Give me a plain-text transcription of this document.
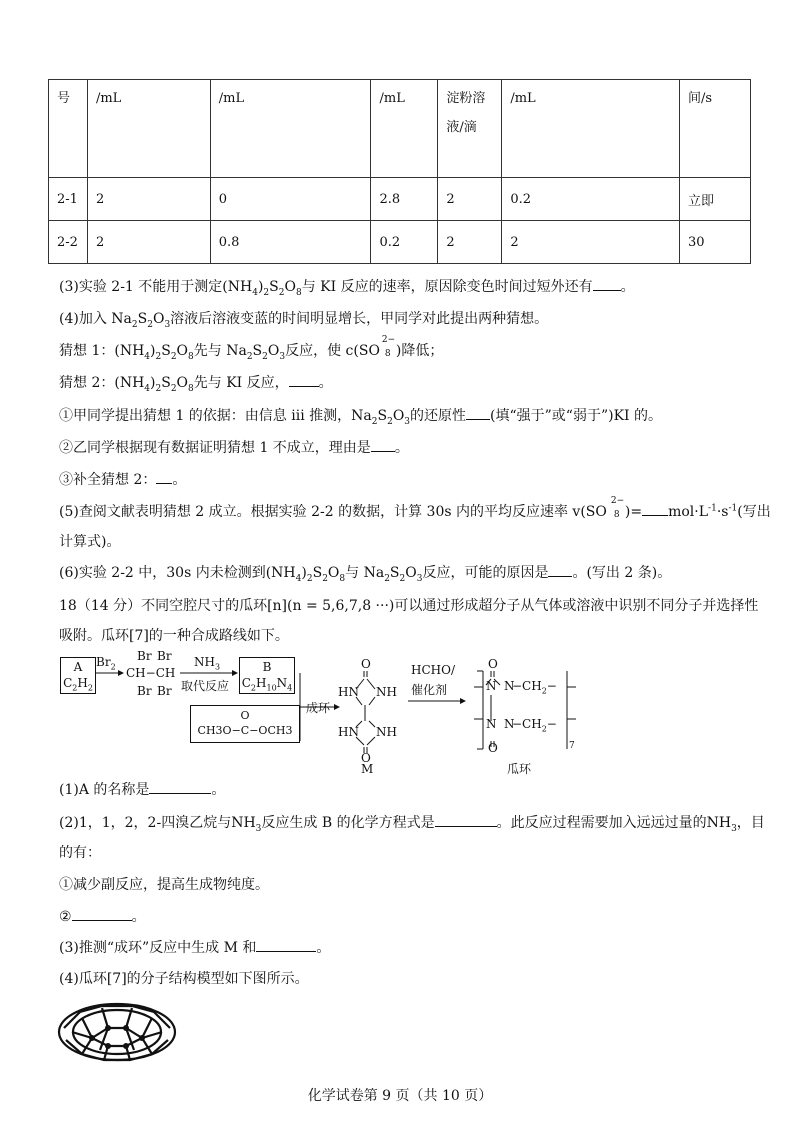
号	/mL	/mL	/mL	淀粉溶液/滴	/mL	间/s
2-1	2	0	2.8	2	0.2	立即
2-2	2	0.8	0.2	2	2	30
(3)实验 2-1 不能用于测定$(NH_4)_2S_2O_8$与 KI 反应的速率，原因除变色时间过短外还有 。
(4)加入 $Na_2S_2O_3$溶液后溶液变蓝的时间明显增长，甲同学对此提出两种猜想。
猜想 1：$(NH_4)_2S_2O_8$先与 $Na_2S_2O_3$反应，使 c(SO
2−
8 )降低；
猜想 2：$(NH_4)_2S_2O_8$先与 KI 反应， 。
①甲同学提出猜想 1 的依据：由信息 iii 推测，$Na_2S_2O_3$的还原性 (填“强于”或“弱于”)KI 的。
②乙同学根据现有数据证明猜想 1 不成立，理由是 。
③补全猜想 2： 。
(5)查阅文献表明猜想 2 成立。根据实验 2-2 的数据，计算 30s 内的平均反应速率 v(SO
2−
8 )= $mol\cdot L^{-1}\cdot s^{-1}$(写出
计算式)。
(6)实验 2-2 中，30s 内未检测到$(NH_4)_2S_2O_8$与 $Na_2S_2O_3$反应，可能的原因是 。(写出 2 条)。
18（14 分）不同空腔尺寸的瓜环[n](n = 5,6,7,8 ···)可以通过形成超分子从气体或溶液中识别不同分子并选择性
吸附。瓜环[7]的一种合成路线如下。
A
$C_2H_2$
$Br_2$
Br Br
CH−CH
Br Br
$NH_3$
取代反应
B
$C_2H_{10}N_4$
O
CH3O−C−OCH3
成环
HCHO/
催化剂
O
HN NH
HN NH
O
O
N N
N N
$-CH_2-$
$-CH_2-$
O	7
M	瓜环
(1)A 的名称是	。
(2)1，1，2，2-四溴乙烷与$NH_3$反应生成 B 的化学方程式是	。此反应过程需要加入远远过量的$NH_3$，目
的有：
①减少副反应，提高生成物纯度。
②	。
(3)推测“成环”反应中生成 M 和	。
(4)瓜环[7]的分子结构模型如下图所示。
化学试卷第 9 页（共 10 页）
